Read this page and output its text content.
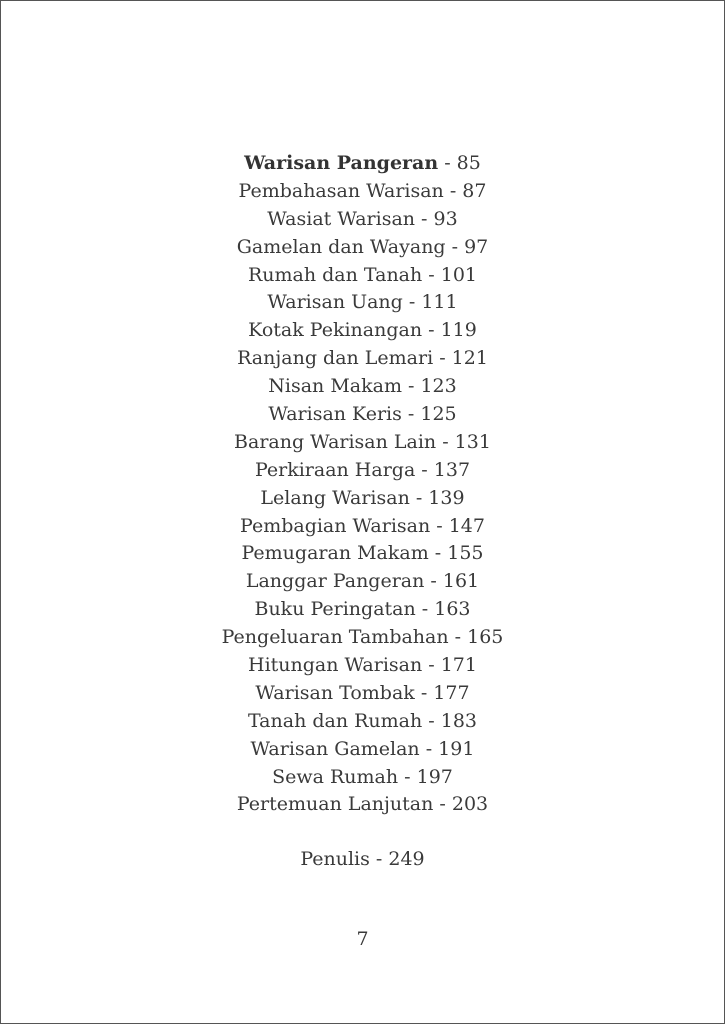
Warisan Pangeran - 85
Pembahasan Warisan - 87
Wasiat Warisan - 93
Gamelan dan Wayang - 97
Rumah dan Tanah - 101
Warisan Uang - 111
Kotak Pekinangan - 119
Ranjang dan Lemari - 121
Nisan Makam - 123
Warisan Keris - 125
Barang Warisan Lain - 131
Perkiraan Harga - 137
Lelang Warisan - 139
Pembagian Warisan - 147
Pemugaran Makam - 155
Langgar Pangeran - 161
Buku Peringatan - 163
Pengeluaran Tambahan - 165
Hitungan Warisan - 171
Warisan Tombak - 177
Tanah dan Rumah - 183
Warisan Gamelan - 191
Sewa Rumah - 197
Pertemuan Lanjutan - 203
Penulis - 249
7
